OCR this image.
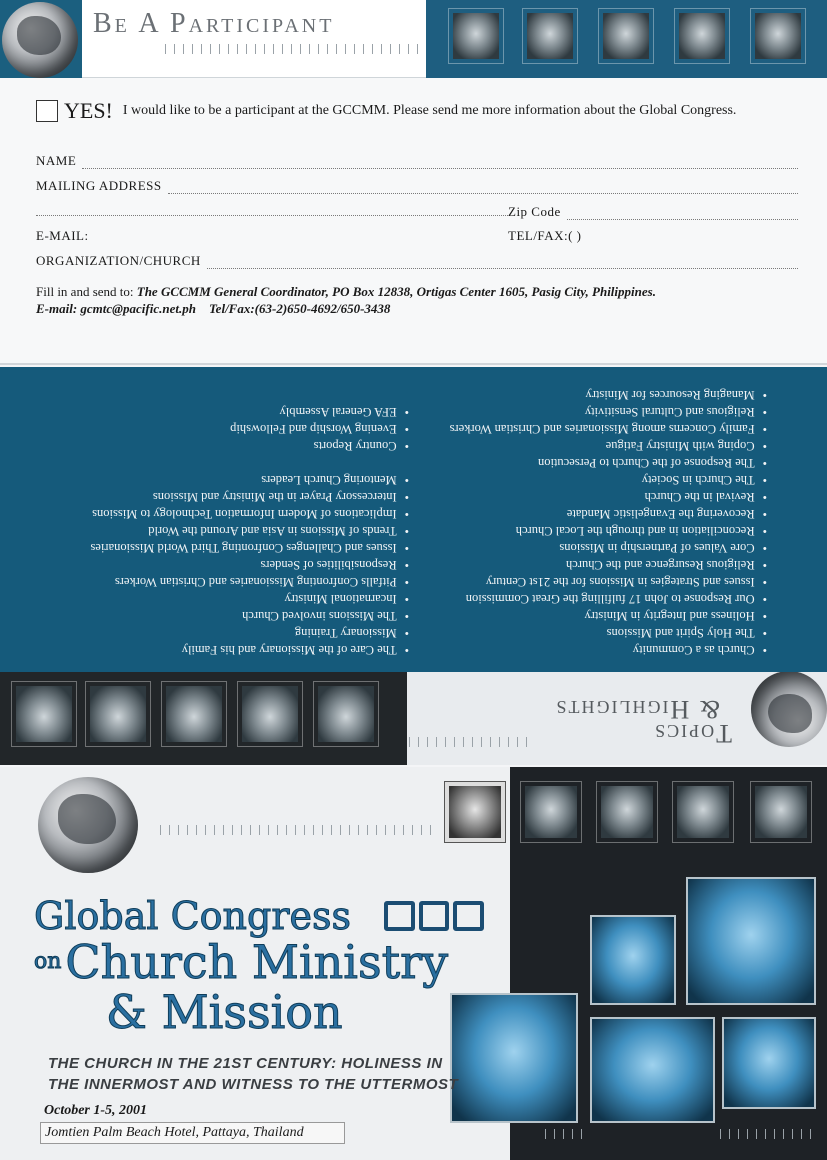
Be A Participant
YES! I would like to be a participant at the GCCMM. Please send me more information about the Global Congress.
NAME
MAILING ADDRESS
Zip Code
E-MAIL:	TEL/FAX:( )
ORGANIZATION/CHURCH
Fill in and send to: The GCCMM General Coordinator, PO Box 12838, Ortigas Center 1605, Pasig City, Philippines.
E-mail: gcmtc@pacific.net.ph Tel/Fax:(63-2)650-4692/650-3438
Topics
& Highlights
• Church as a Community
• The Holy Spirit and Missions
• Holiness and Integrity in Ministry
• Our Response to John 17 fulfilling the Great Commission
• Issues and Strategies in Missions for the 21st Century
• Religious Resurgence and the Church
• Core Values of Partnership in Missions
• Reconciliation in and through the Local Church
• Recovering the Evangelistic Mandate
• Revival in the Church
• The Church in Society
• The Response of the Church to Persecution
• Coping with Ministry Fatigue
• Family Concerns among Missionaries and Christian Workers
• Religious and Cultural Sensitivity
• Managing Resources for Ministry
• The Care of the Missionary and his Family
• Missionary Training
• The Missions involved Church
• Incarnational Ministry
• Pitfalls Confronting Missionaries and Christian Workers
• Responsibilities of Senders
• Issues and Challenges Confronting Third World Missionaries
• Trends of Missions in Asia and Around the World
• Implications of Modern Information Technology to Missions
• Intercessory Prayer in the Ministry and Missions
• Mentoring Church Leaders
• Country Reports
• Evening Worship and Fellowship
• EFA General Assembly
Global Congress
$^{on}$Church Ministry
& Mission
THE CHURCH IN THE 21ST CENTURY: HOLINESS IN
THE INNERMOST AND WITNESS TO THE UTTERMOST
October 1-5, 2001
Jomtien Palm Beach Hotel, Pattaya, Thailand
